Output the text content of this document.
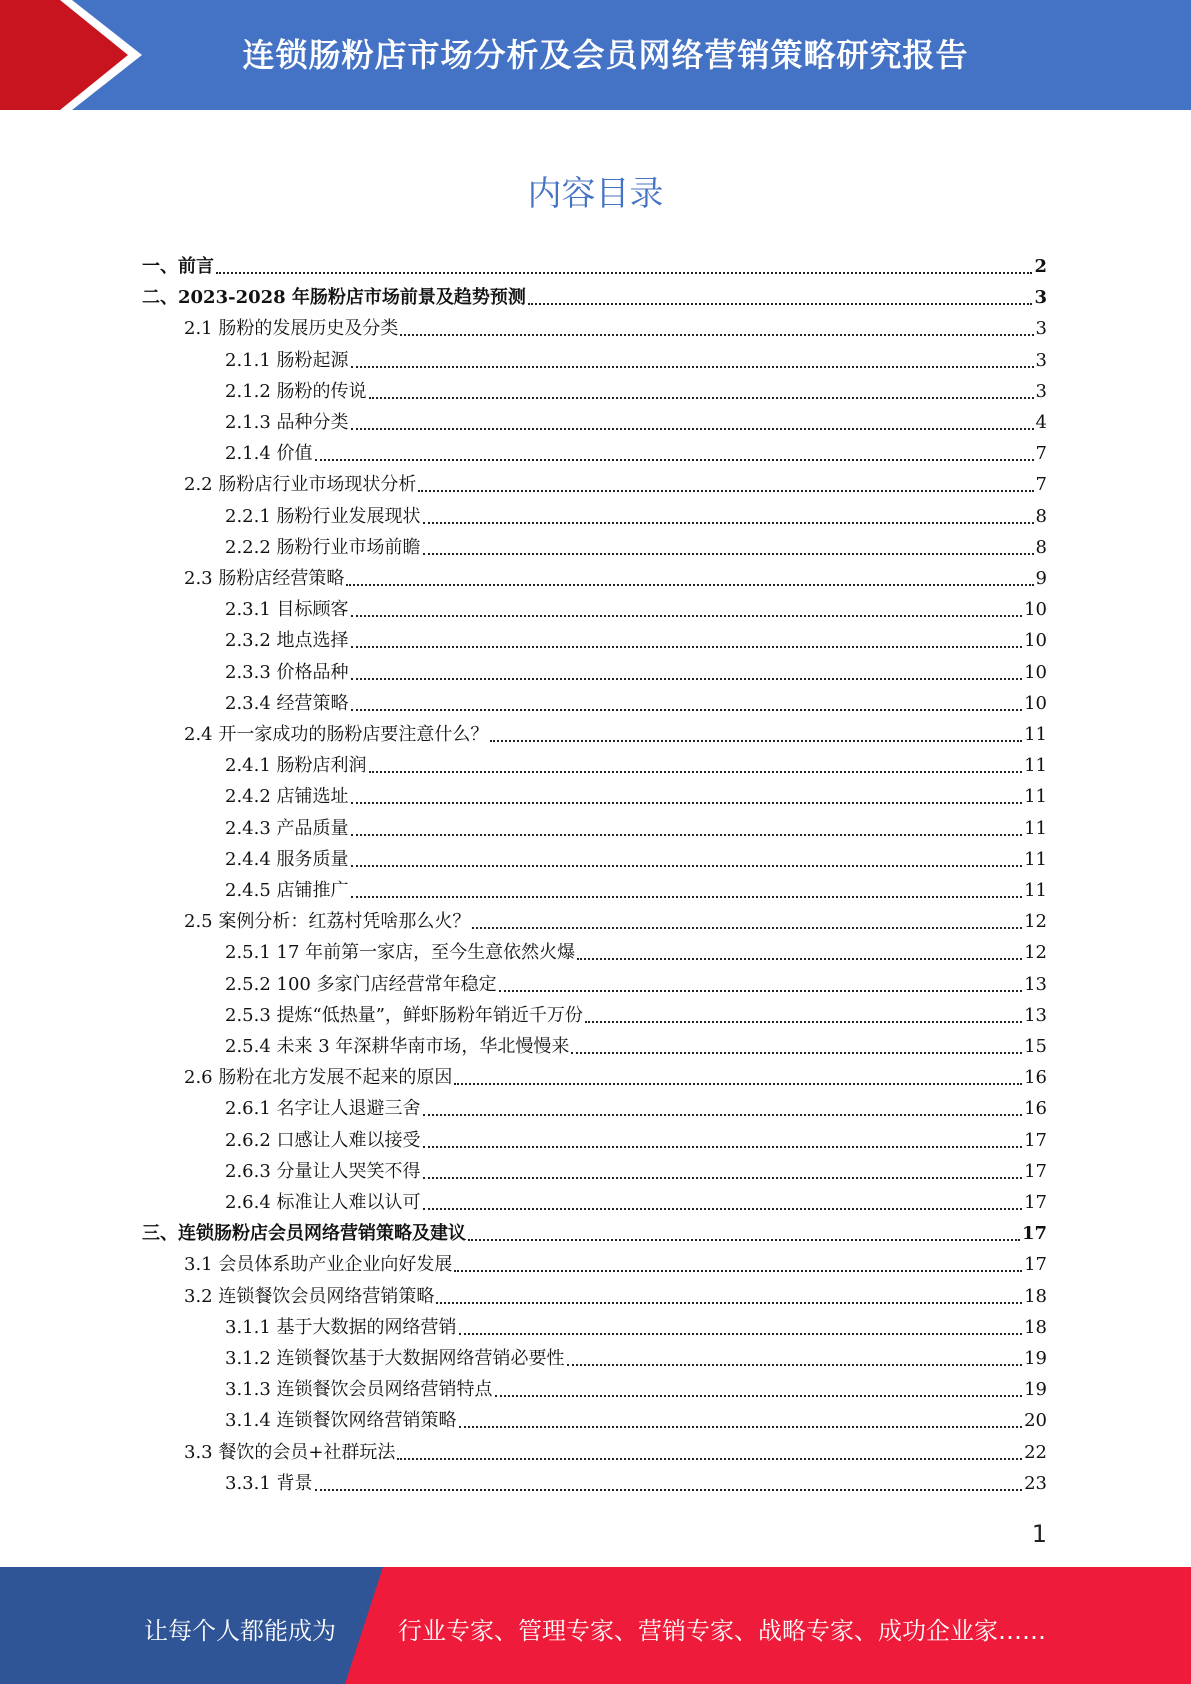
连锁肠粉店市场分析及会员网络营销策略研究报告
内容目录
一、前言	2
二、2023-2028 年肠粉店市场前景及趋势预测	3
2.1 肠粉的发展历史及分类	3
2.1.1 肠粉起源	3
2.1.2 肠粉的传说	3
2.1.3 品种分类	4
2.1.4 价值	7
2.2 肠粉店行业市场现状分析	7
2.2.1 肠粉行业发展现状	8
2.2.2 肠粉行业市场前瞻	8
2.3 肠粉店经营策略	9
2.3.1 目标顾客	10
2.3.2 地点选择	10
2.3.3 价格品种	10
2.3.4 经营策略	10
2.4 开一家成功的肠粉店要注意什么？	11
2.4.1 肠粉店利润	11
2.4.2 店铺选址	11
2.4.3 产品质量	11
2.4.4 服务质量	11
2.4.5 店铺推广	11
2.5 案例分析：红荔村凭啥那么火？	12
2.5.1 17 年前第一家店，至今生意依然火爆	12
2.5.2 100 多家门店经营常年稳定	13
2.5.3 提炼“低热量”，鲜虾肠粉年销近千万份	13
2.5.4 未来 3 年深耕华南市场，华北慢慢来	15
2.6 肠粉在北方发展不起来的原因	16
2.6.1 名字让人退避三舍	16
2.6.2 口感让人难以接受	17
2.6.3 分量让人哭笑不得	17
2.6.4 标准让人难以认可	17
三、连锁肠粉店会员网络营销策略及建议	17
3.1 会员体系助产业企业向好发展	17
3.2 连锁餐饮会员网络营销策略	18
3.1.1 基于大数据的网络营销	18
3.1.2 连锁餐饮基于大数据网络营销必要性	19
3.1.3 连锁餐饮会员网络营销特点	19
3.1.4 连锁餐饮网络营销策略	20
3.3 餐饮的会员+社群玩法	22
3.3.1 背景	23
1
让每个人都能成为	行业专家、管理专家、营销专家、战略专家、成功企业家……
